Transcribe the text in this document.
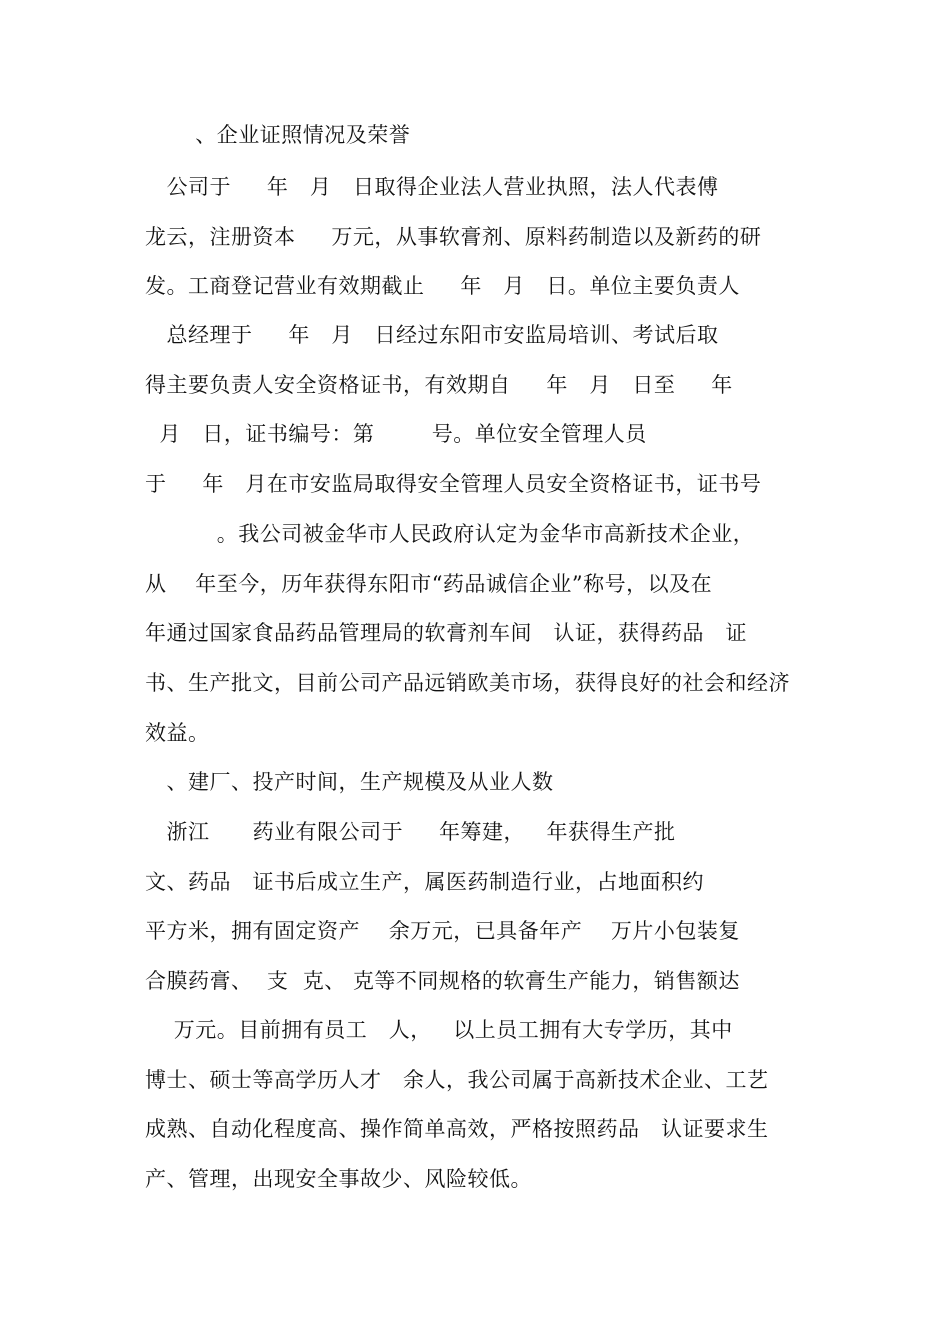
、企业证照情况及荣誉
公司于     年   月   日取得企业法人营业执照，法人代表傅
龙云，注册资本     万元，从事软膏剂、原料药制造以及新药的研
发。工商登记营业有效期截止     年   月   日。单位主要负责人
总经理于     年   月   日经过东阳市安监局培训、考试后取
得主要负责人安全资格证书，有效期自     年   月   日至     年
月   日，证书编号：第        号。单位安全管理人员
于     年   月在市安监局取得安全管理人员安全资格证书，证书号
。我公司被金华市人民政府认定为金华市高新技术企业，
从    年至今，历年获得东阳市“药品诚信企业”称号，以及在
年通过国家食品药品管理局的软膏剂车间   认证，获得药品   证
书、生产批文，目前公司产品远销欧美市场，获得良好的社会和经济
效益。
、建厂、投产时间，生产规模及从业人数
浙江      药业有限公司于     年筹建，   年获得生产批
文、药品   证书后成立生产，属医药制造行业，占地面积约
平方米，拥有固定资产    余万元，已具备年产    万片小包装复
合膜药膏、  支  克、 克等不同规格的软膏生产能力，销售额达
万元。目前拥有员工   人，   以上员工拥有大专学历，其中
博士、硕士等高学历人才   余人，我公司属于高新技术企业、工艺
成熟、自动化程度高、操作简单高效，严格按照药品   认证要求生
产、管理，出现安全事故少、风险较低。
